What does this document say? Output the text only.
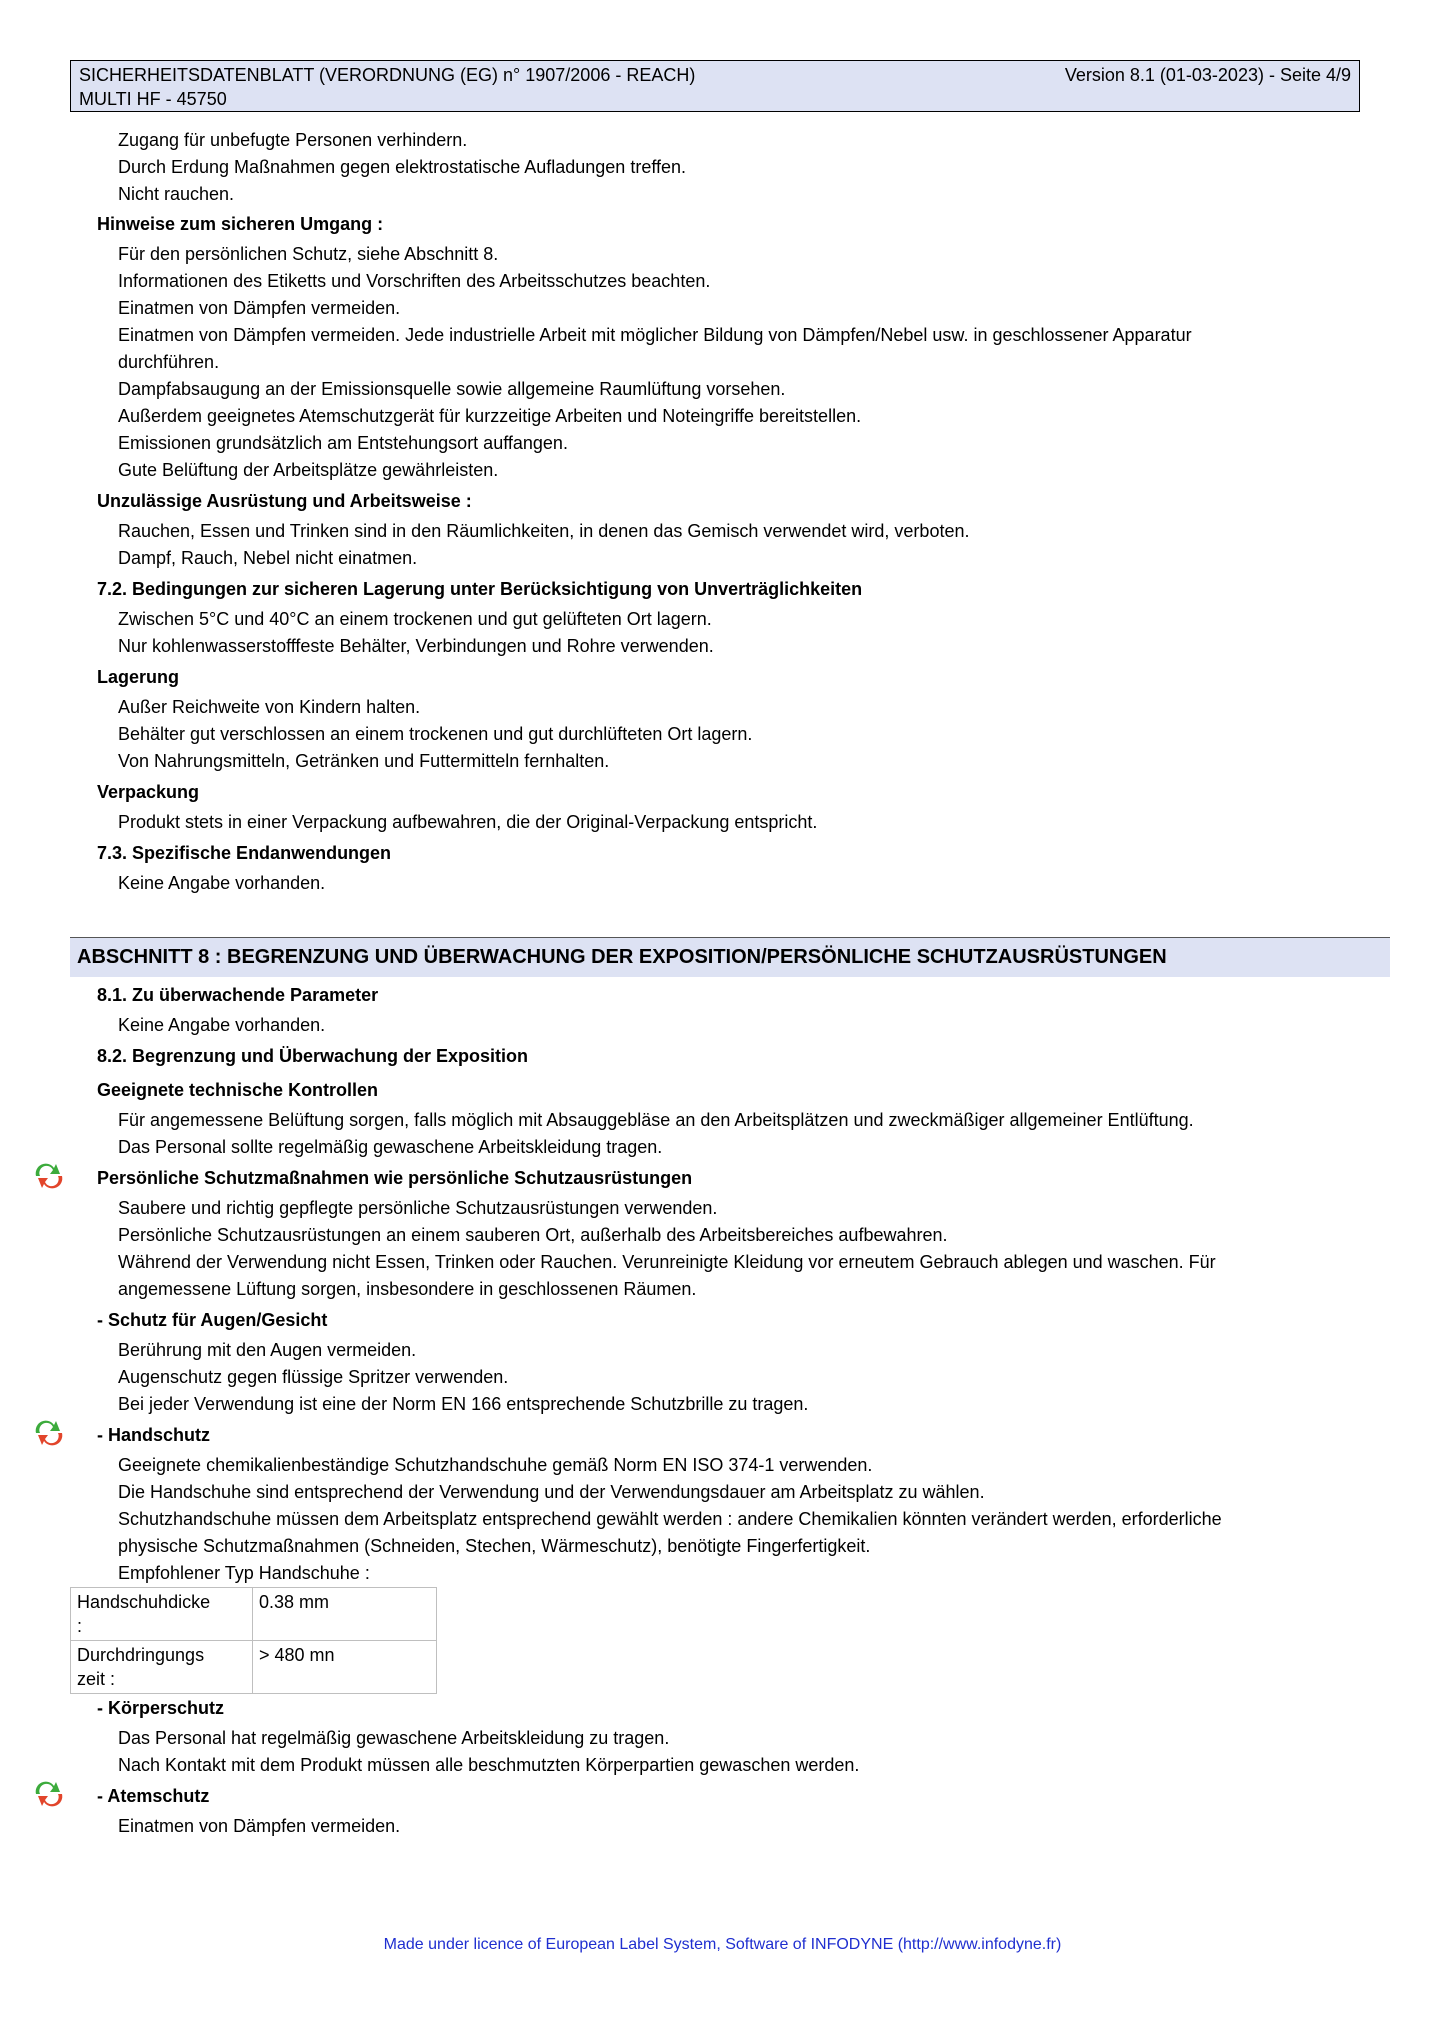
SICHERHEITSDATENBLATT (VERORDNUNG (EG) n° 1907/2006 - REACH)	Version 8.1 (01-03-2023) - Seite 4/9
MULTI HF - 45750
Zugang für unbefugte Personen verhindern.
Durch Erdung Maßnahmen gegen elektrostatische Aufladungen treffen.
Nicht rauchen.
Hinweise zum sicheren Umgang :
Für den persönlichen Schutz, siehe Abschnitt 8.
Informationen des Etiketts und Vorschriften des Arbeitsschutzes beachten.
Einatmen von Dämpfen vermeiden.
Einatmen von Dämpfen vermeiden. Jede industrielle Arbeit mit möglicher Bildung von Dämpfen/Nebel usw. in geschlossener Apparatur
durchführen.
Dampfabsaugung an der Emissionsquelle sowie allgemeine Raumlüftung vorsehen.
Außerdem geeignetes Atemschutzgerät für kurzzeitige Arbeiten und Noteingriffe bereitstellen.
Emissionen grundsätzlich am Entstehungsort auffangen.
Gute Belüftung der Arbeitsplätze gewährleisten.
Unzulässige Ausrüstung und Arbeitsweise :
Rauchen, Essen und Trinken sind in den Räumlichkeiten, in denen das Gemisch verwendet wird, verboten.
Dampf, Rauch, Nebel nicht einatmen.
7.2. Bedingungen zur sicheren Lagerung unter Berücksichtigung von Unverträglichkeiten
Zwischen 5°C und 40°C an einem trockenen und gut gelüfteten Ort lagern.
Nur kohlenwasserstofffeste Behälter, Verbindungen und Rohre verwenden.
Lagerung
Außer Reichweite von Kindern halten.
Behälter gut verschlossen an einem trockenen und gut durchlüfteten Ort lagern.
Von Nahrungsmitteln, Getränken und Futtermitteln fernhalten.
Verpackung
Produkt stets in einer Verpackung aufbewahren, die der Original-Verpackung entspricht.
7.3. Spezifische Endanwendungen
Keine Angabe vorhanden.
ABSCHNITT 8 : BEGRENZUNG UND ÜBERWACHUNG DER EXPOSITION/PERSÖNLICHE SCHUTZAUSRÜSTUNGEN
8.1. Zu überwachende Parameter
Keine Angabe vorhanden.
8.2. Begrenzung und Überwachung der Exposition
Geeignete technische Kontrollen
Für angemessene Belüftung sorgen, falls möglich mit Absauggebläse an den Arbeitsplätzen und zweckmäßiger allgemeiner Entlüftung.
Das Personal sollte regelmäßig gewaschene Arbeitskleidung tragen.
Persönliche Schutzmaßnahmen wie persönliche Schutzausrüstungen
Saubere und richtig gepflegte persönliche Schutzausrüstungen verwenden.
Persönliche Schutzausrüstungen an einem sauberen Ort, außerhalb des Arbeitsbereiches aufbewahren.
Während der Verwendung nicht Essen, Trinken oder Rauchen. Verunreinigte Kleidung vor erneutem Gebrauch ablegen und waschen. Für
angemessene Lüftung sorgen, insbesondere in geschlossenen Räumen.
- Schutz für Augen/Gesicht
Berührung mit den Augen vermeiden.
Augenschutz gegen flüssige Spritzer verwenden.
Bei jeder Verwendung ist eine der Norm EN 166 entsprechende Schutzbrille zu tragen.
- Handschutz
Geeignete chemikalienbeständige Schutzhandschuhe gemäß Norm EN ISO 374-1 verwenden.
Die Handschuhe sind entsprechend der Verwendung und der Verwendungsdauer am Arbeitsplatz zu wählen.
Schutzhandschuhe müssen dem Arbeitsplatz entsprechend gewählt werden : andere Chemikalien könnten verändert werden, erforderliche
physische Schutzmaßnahmen (Schneiden, Stechen, Wärmeschutz), benötigte Fingerfertigkeit.
Empfohlener Typ Handschuhe :
Handschuhdicke
:	0.38 mm

Durchdringungs
zeit :	> 480 mn
- Körperschutz
Das Personal hat regelmäßig gewaschene Arbeitskleidung zu tragen.
Nach Kontakt mit dem Produkt müssen alle beschmutzten Körperpartien gewaschen werden.
- Atemschutz
Einatmen von Dämpfen vermeiden.
Made under licence of European Label System, Software of INFODYNE (http://www.infodyne.fr)
